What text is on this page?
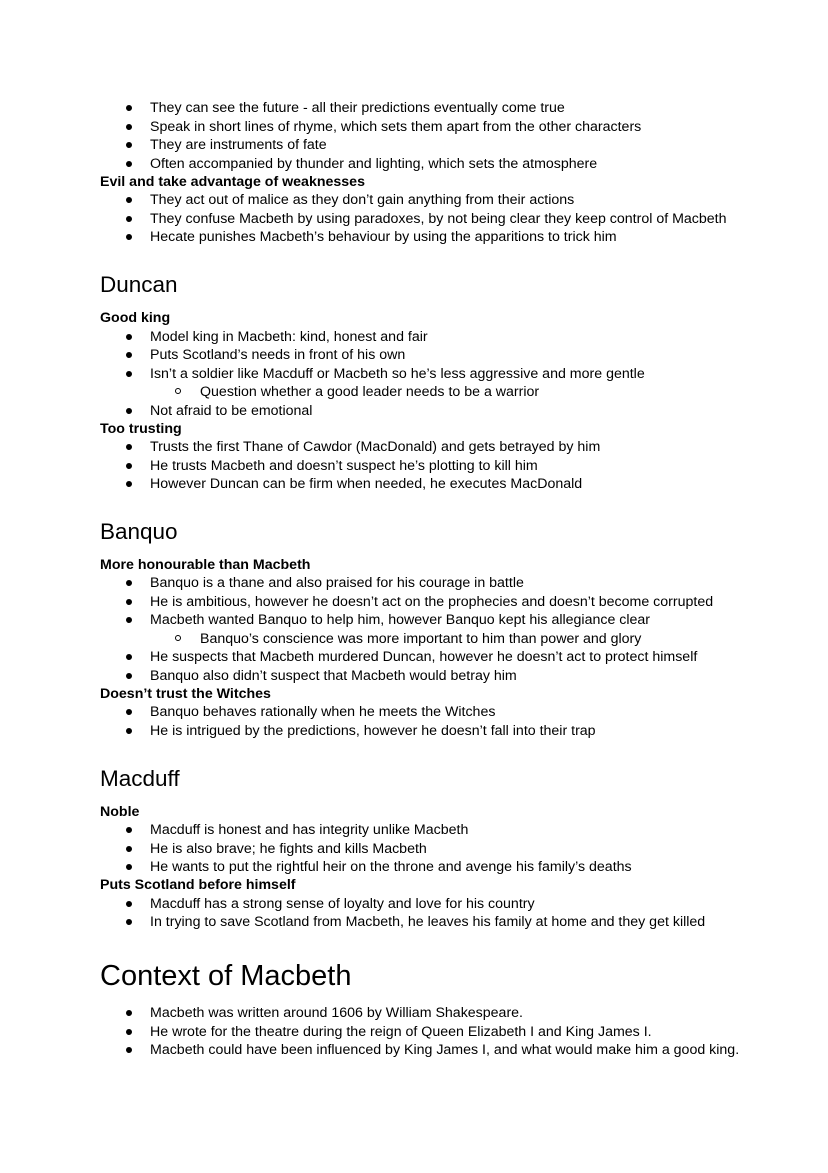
They can see the future - all their predictions eventually come true
Speak in short lines of rhyme, which sets them apart from the other characters
They are instruments of fate
Often accompanied by thunder and lighting, which sets the atmosphere
Evil and take advantage of weaknesses
They act out of malice as they don’t gain anything from their actions
They confuse Macbeth by using paradoxes, by not being clear they keep control of Macbeth
Hecate punishes Macbeth’s behaviour by using the apparitions to trick him
Duncan
Good king
Model king in Macbeth: kind, honest and fair
Puts Scotland’s needs in front of his own
Isn’t a soldier like Macduff or Macbeth so he’s less aggressive and more gentle
Question whether a good leader needs to be a warrior
Not afraid to be emotional
Too trusting
Trusts the first Thane of Cawdor (MacDonald) and gets betrayed by him
He trusts Macbeth and doesn’t suspect he’s plotting to kill him
However Duncan can be firm when needed, he executes MacDonald
Banquo
More honourable than Macbeth
Banquo is a thane and also praised for his courage in battle
He is ambitious, however he doesn’t act on the prophecies and doesn’t become corrupted
Macbeth wanted Banquo to help him, however Banquo kept his allegiance clear
Banquo’s conscience was more important to him than power and glory
He suspects that Macbeth murdered Duncan, however he doesn’t act to protect himself
Banquo also didn’t suspect that Macbeth would betray him
Doesn’t trust the Witches
Banquo behaves rationally when he meets the Witches
He is intrigued by the predictions, however he doesn’t fall into their trap
Macduff
Noble
Macduff is honest and has integrity unlike Macbeth
He is also brave; he fights and kills Macbeth
He wants to put the rightful heir on the throne and avenge his family’s deaths
Puts Scotland before himself
Macduff has a strong sense of loyalty and love for his country
In trying to save Scotland from Macbeth, he leaves his family at home and they get killed
Context of Macbeth
Macbeth was written around 1606 by William Shakespeare.
He wrote for the theatre during the reign of Queen Elizabeth I and King James I.
Macbeth could have been influenced by King James I, and what would make him a good king.
